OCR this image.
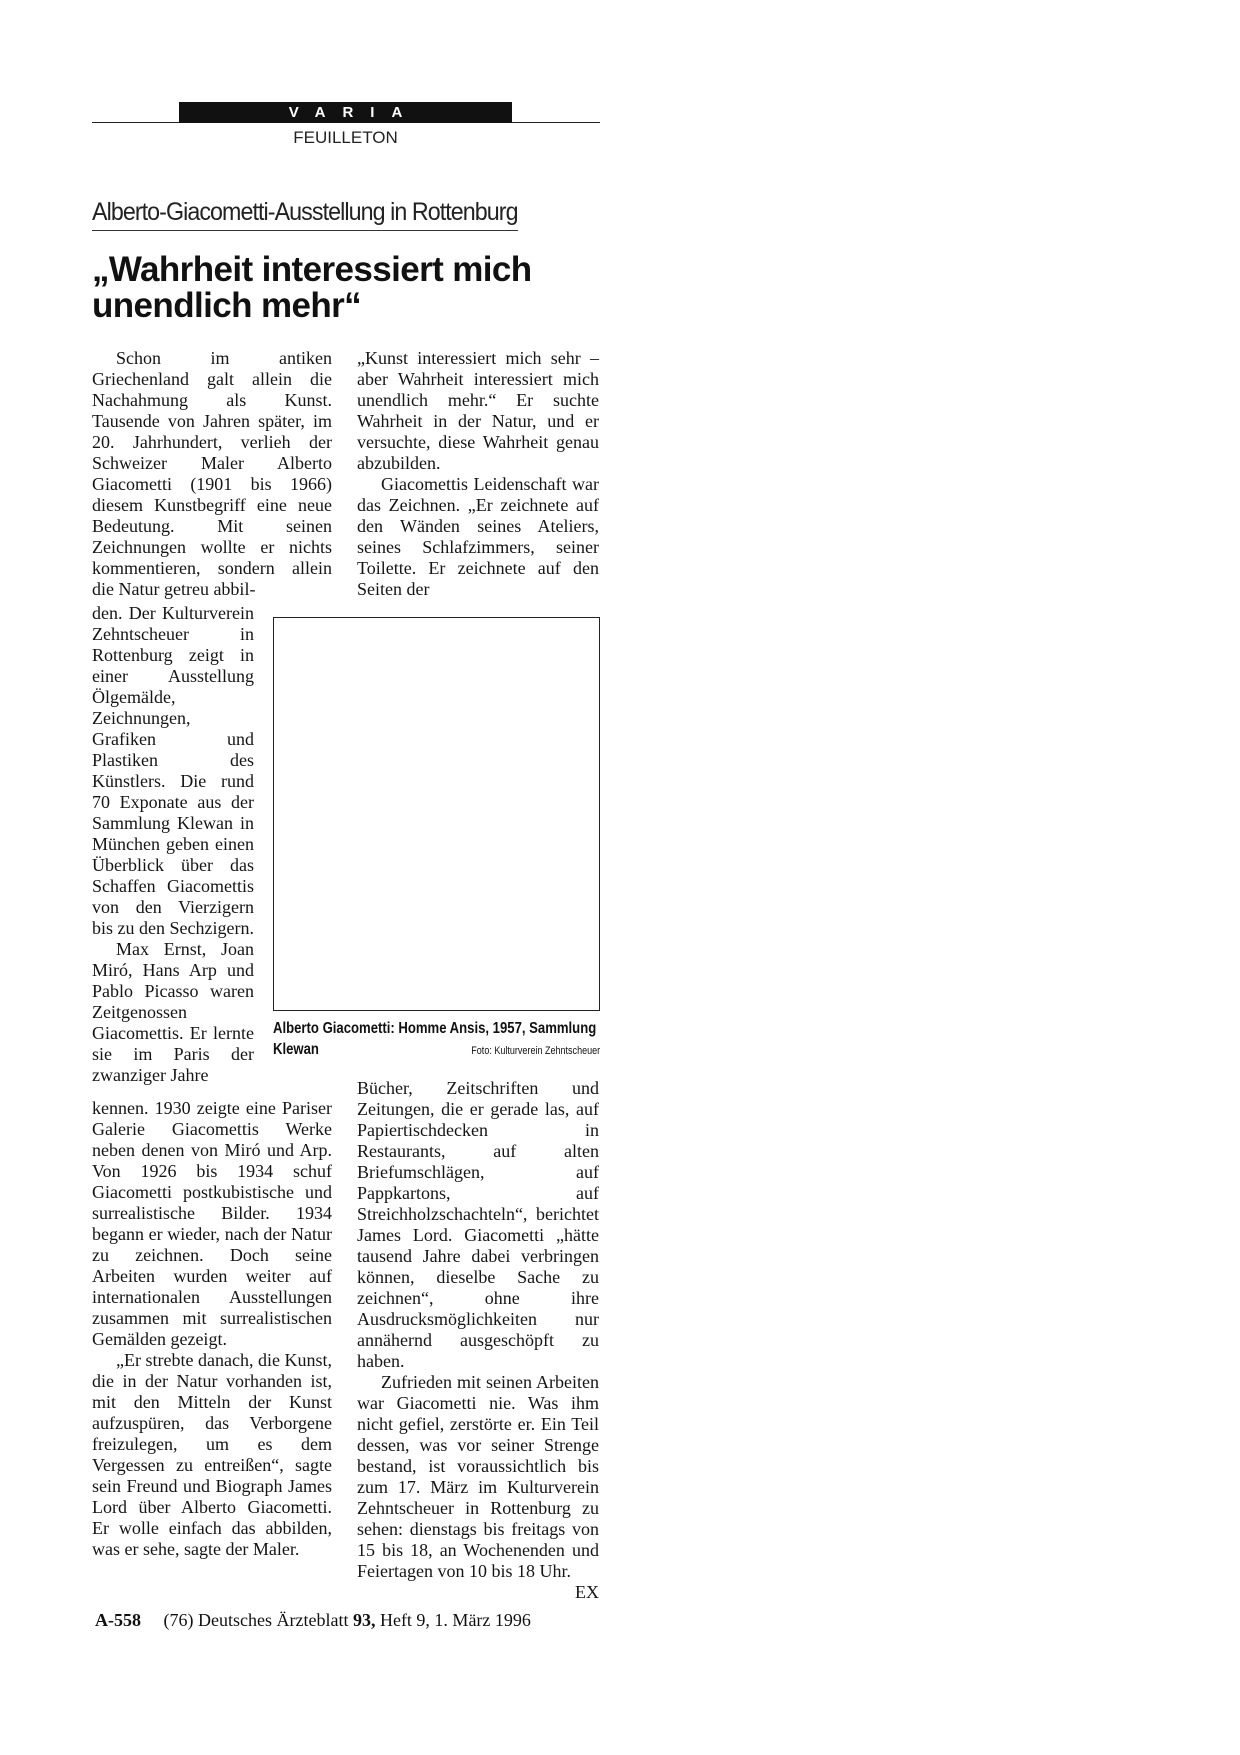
VARIA
FEUILLETON
Alberto-Giacometti-Ausstellung in Rottenburg
„Wahrheit interessiert mich
unendlich mehr“

Schon im antiken Griechenland galt allein die Nachahmung als Kunst. Tausende von Jahren später, im 20. Jahrhundert, verlieh der Schweizer Maler Alberto Giacometti (1901 bis 1966) diesem Kunstbegriff eine neue Bedeutung. Mit seinen Zeichnungen wollte er nichts kommentieren, sondern allein die Natur getreu abbil-

den. Der Kulturverein Zehntscheuer in Rottenburg zeigt in einer Ausstellung Ölgemälde, Zeichnungen, Grafiken und Plastiken des Künstlers. Die rund 70 Exponate aus der Sammlung Klewan in München geben einen Überblick über das Schaffen Giacomettis von den Vierzigern bis zu den Sechzigern.

Max Ernst, Joan Miró, Hans Arp und Pablo Picasso waren Zeitgenossen Giacomettis. Er lernte sie im Paris der zwanziger Jahre

kennen. 1930 zeigte eine Pariser Galerie Giacomettis Werke neben denen von Miró und Arp. Von 1926 bis 1934 schuf Giacometti postkubistische und surrealistische Bilder. 1934 begann er wieder, nach der Natur zu zeichnen. Doch seine Arbeiten wurden weiter auf internationalen Ausstellungen zusammen mit surrealistischen Gemälden gezeigt.

„Er strebte danach, die Kunst, die in der Natur vorhanden ist, mit den Mitteln der Kunst aufzuspüren, das Verborgene freizulegen, um es dem Vergessen zu entreißen“, sagte sein Freund und Biograph James Lord über Alberto Giacometti. Er wolle einfach das abbilden, was er sehe, sagte der Maler.

„Kunst interessiert mich sehr – aber Wahrheit interessiert mich unendlich mehr.“ Er suchte Wahrheit in der Natur, und er versuchte, diese Wahrheit genau abzubilden.

Giacomettis Leidenschaft war das Zeichnen. „Er zeichnete auf den Wänden seines Ateliers, seines Schlafzimmers, seiner Toilette. Er zeichnete auf den Seiten der

Alberto Giacometti: Homme Ansis, 1957, Sammlung
Klewan	Foto: Kulturverein Zehntscheuer

Bücher, Zeitschriften und Zeitungen, die er gerade las, auf Papiertischdecken in Restaurants, auf alten Briefumschlägen, auf Pappkartons, auf Streichholzschachteln“, berichtet James Lord. Giacometti „hätte tausend Jahre dabei verbringen können, dieselbe Sache zu zeichnen“, ohne ihre Ausdrucksmöglichkeiten nur annähernd ausgeschöpft zu haben.

Zufrieden mit seinen Arbeiten war Giacometti nie. Was ihm nicht gefiel, zerstörte er. Ein Teil dessen, was vor seiner Strenge bestand, ist voraussichtlich bis zum 17. März im Kulturverein Zehntscheuer in Rottenburg zu sehen: dienstags bis freitags von 15 bis 18, an Wochenenden und Feiertagen von 10 bis 18 Uhr.
EX

A-558 (76) Deutsches Ärzteblatt 93, Heft 9, 1. März 1996
